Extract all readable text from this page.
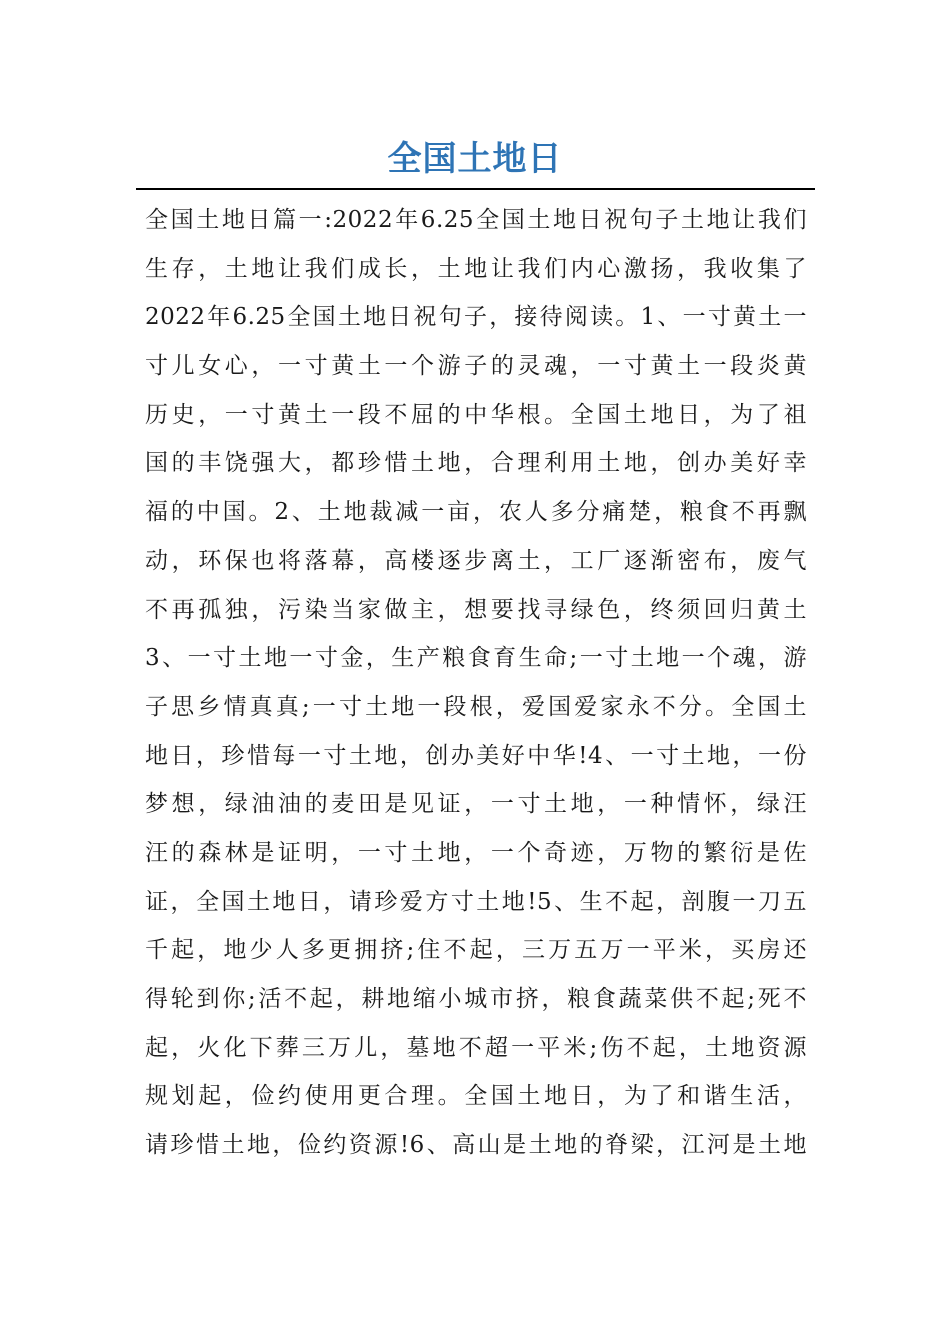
全国土地日
全国土地日篇一:2022年6.25全国土地日祝句子土地让我们
生存，土地让我们成长，土地让我们内心激扬，我收集了
2022年6.25全国土地日祝句子，接待阅读。1、一寸黄土一
寸儿女心，一寸黄土一个游子的灵魂，一寸黄土一段炎黄
历史，一寸黄土一段不屈的中华根。全国土地日，为了祖
国的丰饶强大，都珍惜土地，合理利用土地，创办美好幸
福的中国。2、土地裁减一亩，农人多分痛楚，粮食不再飘
动，环保也将落幕，高楼逐步离土，工厂逐渐密布，废气
不再孤独，污染当家做主，想要找寻绿色，终须回归黄土
3、一寸土地一寸金，生产粮食育生命;一寸土地一个魂，游
子思乡情真真;一寸土地一段根，爱国爱家永不分。全国土
地日，珍惜每一寸土地，创办美好中华!4、一寸土地，一份
梦想，绿油油的麦田是见证，一寸土地，一种情怀，绿汪
汪的森林是证明，一寸土地，一个奇迹，万物的繁衍是佐
证，全国土地日，请珍爱方寸土地!5、生不起，剖腹一刀五
千起，地少人多更拥挤;住不起，三万五万一平米，买房还
得轮到你;活不起，耕地缩小城市挤，粮食蔬菜供不起;死不
起，火化下葬三万儿，墓地不超一平米;伤不起，土地资源
规划起，俭约使用更合理。全国土地日，为了和谐生活，
请珍惜土地，俭约资源!6、高山是土地的脊梁，江河是土地
